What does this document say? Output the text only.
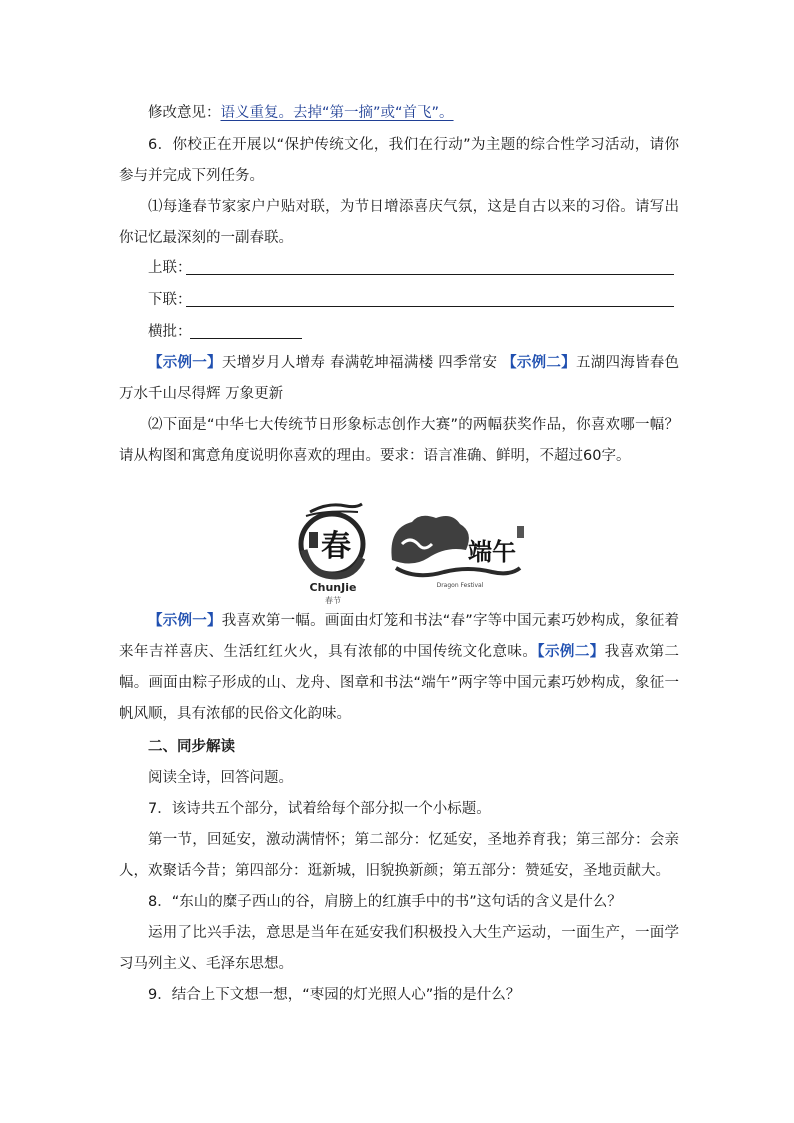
修改意见：语义重复。去掉“第一摘”或“首飞”。

6．你校正在开展以“保护传统文化，我们在行动”为主题的综合性学习活动，请你参与并完成下列任务。

⑴每逢春节家家户户贴对联，为节日增添喜庆气氛，这是自古以来的习俗。请写出你记忆最深刻的一副春联。

上联：
下联：
横批：

【示例一】天增岁月人增寿 春满乾坤福满楼 四季常安 【示例二】五湖四海皆春色 万水千山尽得辉 万象更新

⑵下面是“中华七大传统节日形象标志创作大赛”的两幅获奖作品，你喜欢哪一幅？请从构图和寓意角度说明你喜欢的理由。要求：语言准确、鲜明，不超过60字。

春
ChunJie
春节
端午
Dragon Festival

【示例一】我喜欢第一幅。画面由灯笼和书法“春”字等中国元素巧妙构成，象征着来年吉祥喜庆、生活红红火火，具有浓郁的中国传统文化意味。【示例二】我喜欢第二幅。画面由粽子形成的山、龙舟、图章和书法“端午”两字等中国元素巧妙构成，象征一帆风顺，具有浓郁的民俗文化韵味。

二、同步解读

阅读全诗，回答问题。

7．该诗共五个部分，试着给每个部分拟一个小标题。

第一节，回延安，激动满情怀；第二部分：忆延安，圣地养育我；第三部分：会亲人，欢聚话今昔；第四部分：逛新城，旧貌换新颜；第五部分：赞延安，圣地贡献大。

8．“东山的糜子西山的谷，肩膀上的红旗手中的书”这句话的含义是什么？

运用了比兴手法，意思是当年在延安我们积极投入大生产运动，一面生产，一面学习马列主义、毛泽东思想。

9．结合上下文想一想，“枣园的灯光照人心”指的是什么？
